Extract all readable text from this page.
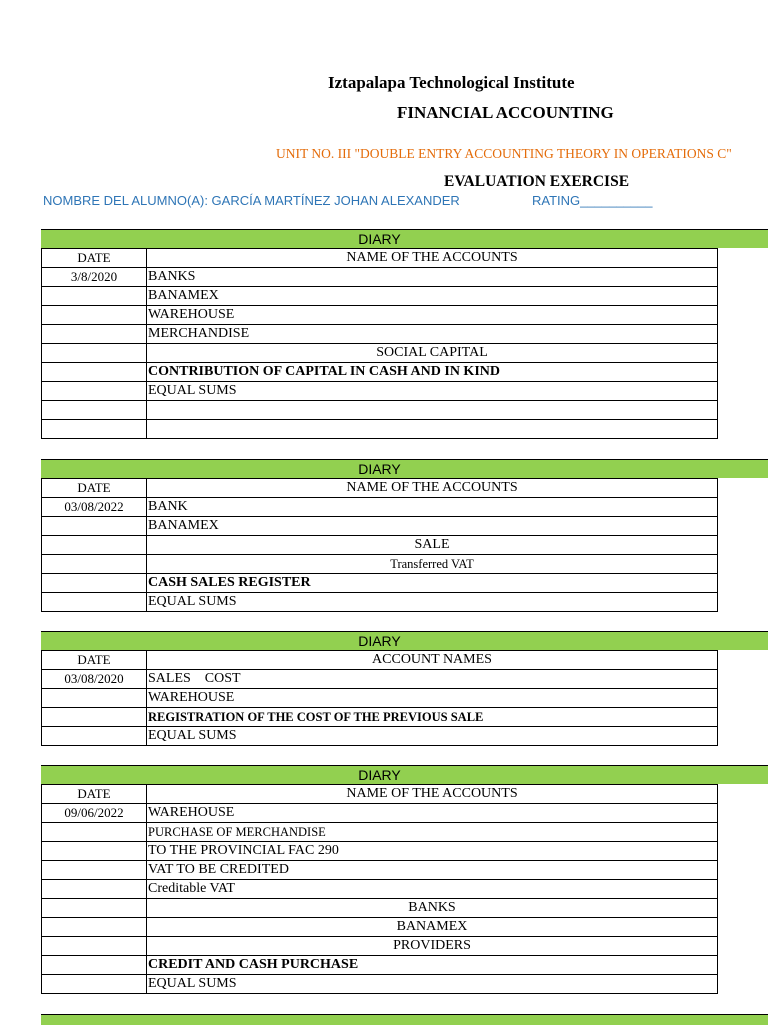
Iztapalapa Technological Institute
FINANCIAL ACCOUNTING
UNIT NO. III "DOUBLE ENTRY ACCOUNTING THEORY IN OPERATIONS C"
EVALUATION EXERCISE
NOMBRE DEL ALUMNO(A): GARCÍA MARTÍNEZ JOHAN ALEXANDER	RATING__________
DIARY
DATE	NAME OF THE ACCOUNTS
3/8/2020	BANKS
	BANAMEX
	WAREHOUSE
	MERCHANDISE
	SOCIAL CAPITAL
	CONTRIBUTION OF CAPITAL IN CASH AND IN KIND
	EQUAL SUMS

DIARY
DATE	NAME OF THE ACCOUNTS
03/08/2022	BANK
	BANAMEX
	SALE
	Transferred VAT
	CASH SALES REGISTER
	EQUAL SUMS
DIARY
DATE	ACCOUNT NAMES
03/08/2020	SALES    COST
	WAREHOUSE
	REGISTRATION OF THE COST OF THE PREVIOUS SALE
	EQUAL SUMS
DIARY
DATE	NAME OF THE ACCOUNTS
09/06/2022	WAREHOUSE
	PURCHASE OF MERCHANDISE
	TO THE PROVINCIAL FAC 290
	VAT TO BE CREDITED
	Creditable VAT
	BANKS
	BANAMEX
	PROVIDERS
	CREDIT AND CASH PURCHASE
	EQUAL SUMS
